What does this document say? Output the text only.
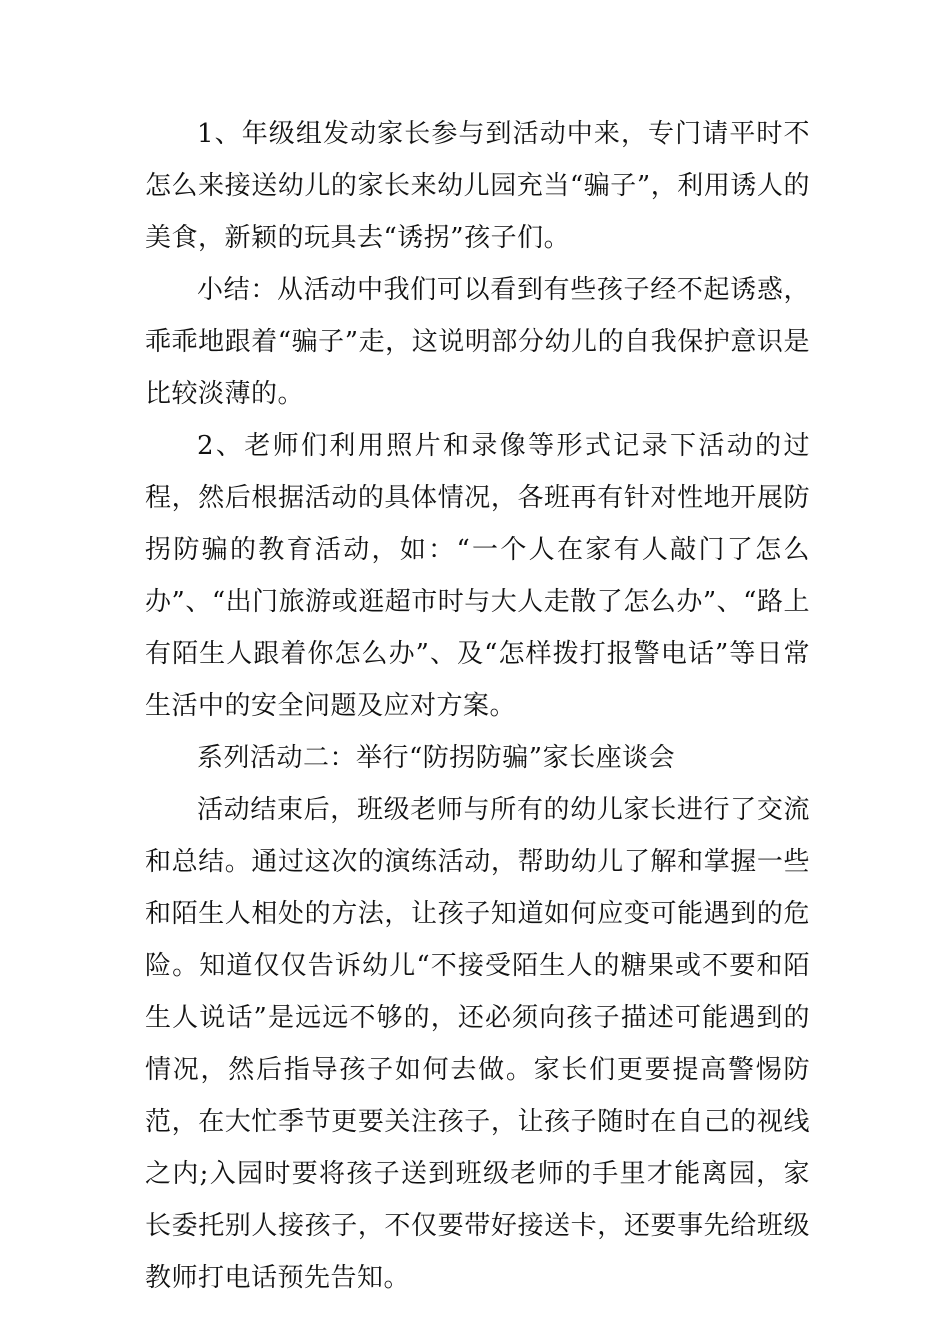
1、年级组发动家长参与到活动中来，专门请平时不怎么来接送幼儿的家长来幼儿园充当“骗子”，利用诱人的美食，新颖的玩具去“诱拐”孩子们。

小结：从活动中我们可以看到有些孩子经不起诱惑，乖乖地跟着“骗子”走，这说明部分幼儿的自我保护意识是比较淡薄的。

2、老师们利用照片和录像等形式记录下活动的过程，然后根据活动的具体情况，各班再有针对性地开展防拐防骗的教育活动，如：“一个人在家有人敲门了怎么办”、“出门旅游或逛超市时与大人走散了怎么办”、“路上有陌生人跟着你怎么办”、及“怎样拨打报警电话”等日常生活中的安全问题及应对方案。

系列活动二：举行“防拐防骗”家长座谈会

活动结束后，班级老师与所有的幼儿家长进行了交流和总结。通过这次的演练活动，帮助幼儿了解和掌握一些和陌生人相处的方法，让孩子知道如何应变可能遇到的危险。知道仅仅告诉幼儿“不接受陌生人的糖果或不要和陌生人说话”是远远不够的，还必须向孩子描述可能遇到的情况，然后指导孩子如何去做。家长们更要提高警惕防范，在大忙季节更要关注孩子，让孩子随时在自己的视线之内;入园时要将孩子送到班级老师的手里才能离园，家长委托别人接孩子，不仅要带好接送卡，还要事先给班级教师打电话预先告知。
